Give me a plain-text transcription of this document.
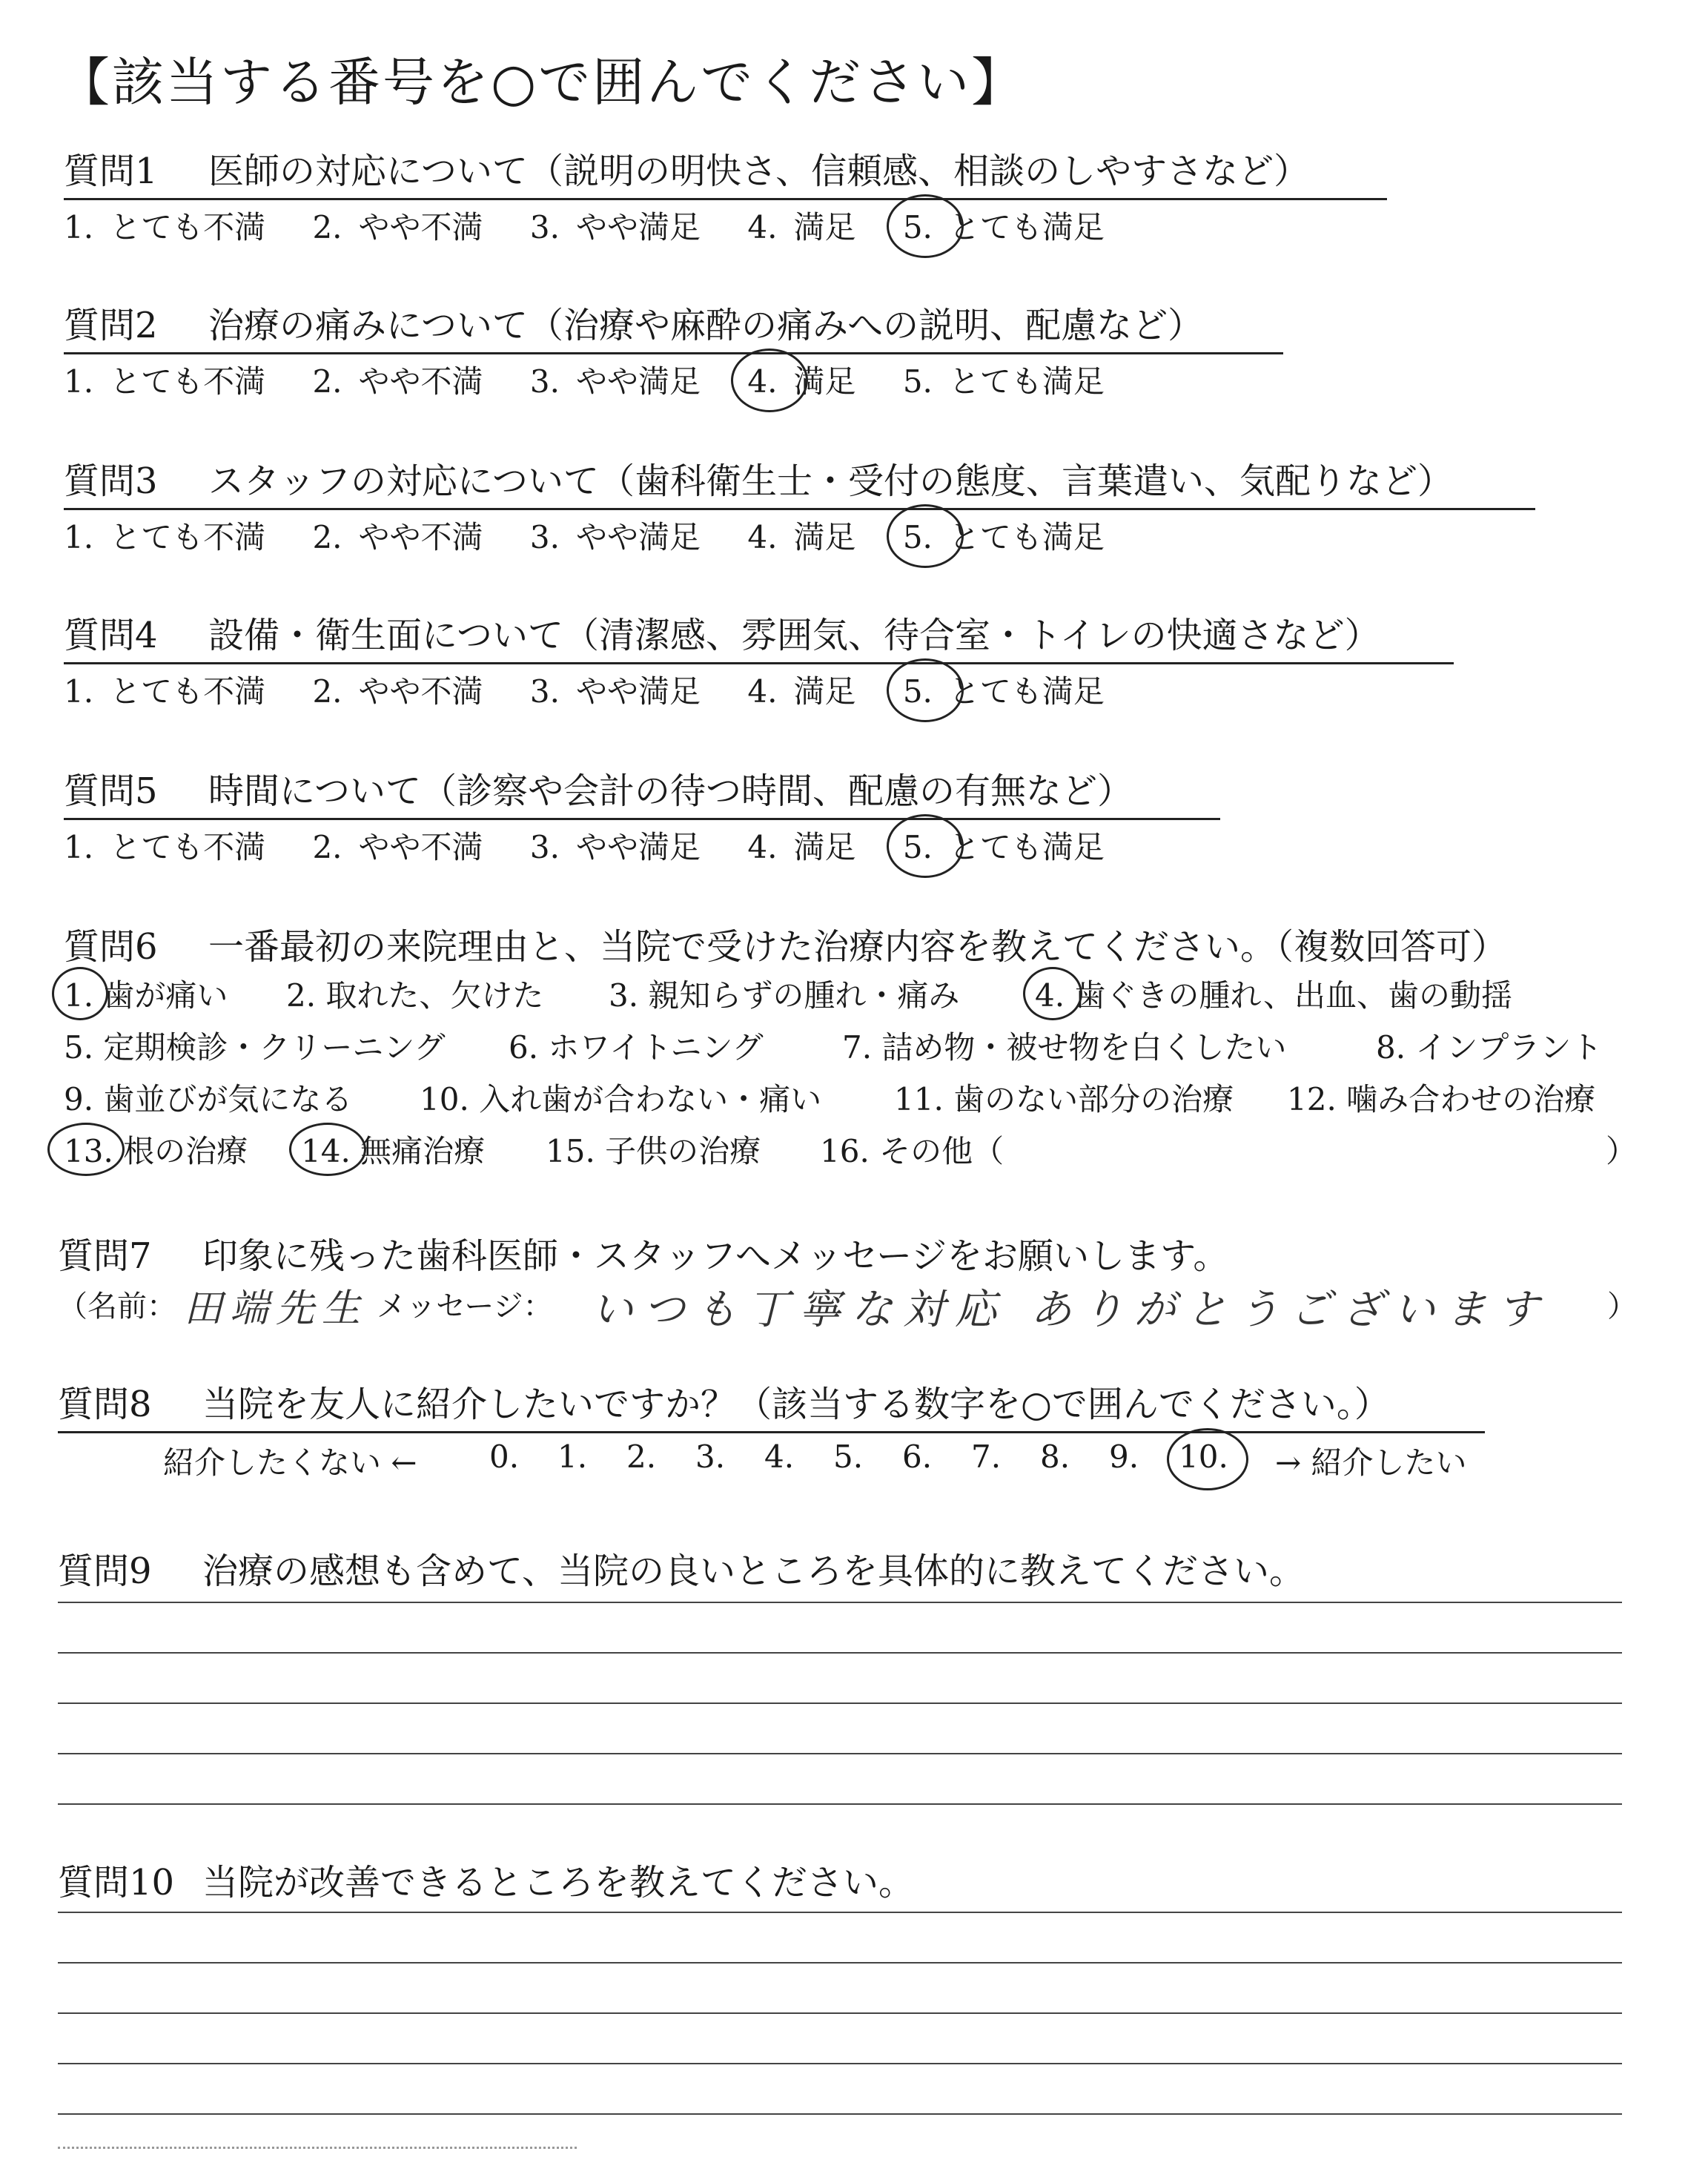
【該当する番号を○で囲んでください】
質問1 医師の対応について（説明の明快さ、信頼感、相談のしやすさなど）
1. とても不満 2. やや不満 3. やや満足 4. 満足 5. とても満足
質問2 治療の痛みについて（治療や麻酔の痛みへの説明、配慮など）
1. とても不満 2. やや不満 3. やや満足 4. 満足 5. とても満足
質問3 スタッフの対応について（歯科衛生士・受付の態度、言葉遣い、気配りなど）
1. とても不満 2. やや不満 3. やや満足 4. 満足 5. とても満足
質問4 設備・衛生面について（清潔感、雰囲気、待合室・トイレの快適さなど）
1. とても不満 2. やや不満 3. やや満足 4. 満足 5. とても満足
質問5 時間について（診察や会計の待つ時間、配慮の有無など）
1. とても不満 2. やや不満 3. やや満足 4. 満足 5. とても満足
質問6 一番最初の来院理由と、当院で受けた治療内容を教えてください。（複数回答可）
1. 歯が痛い 2. 取れた、欠けた 3. 親知らずの腫れ・痛み 4. 歯ぐきの腫れ、出血、歯の動揺
5. 定期検診・クリーニング 6. ホワイトニング	7. 詰め物・被せ物を白くしたい	8. インプラント
9. 歯並びが気になる 10. 入れ歯が合わない・痛い 11. 歯のない部分の治療 12. 噛み合わせの治療
13. 根の治療 14. 無痛治療 15. 子供の治療 16. その他（	）
質問7 印象に残った歯科医師・スタッフへメッセージをお願いします。
（名前： 田端先生 メッセージ： いつも丁寧な対応 ありがとうございます ）
質問8 当院を友人に紹介したいですか？（該当する数字を○で囲んでください。）
紹介したくない ← 0. 1. 2. 3. 4. 5. 6. 7. 8. 9. 10. → 紹介したい
質問9 治療の感想も含めて、当院の良いところを具体的に教えてください。
質問10 当院が改善できるところを教えてください。
